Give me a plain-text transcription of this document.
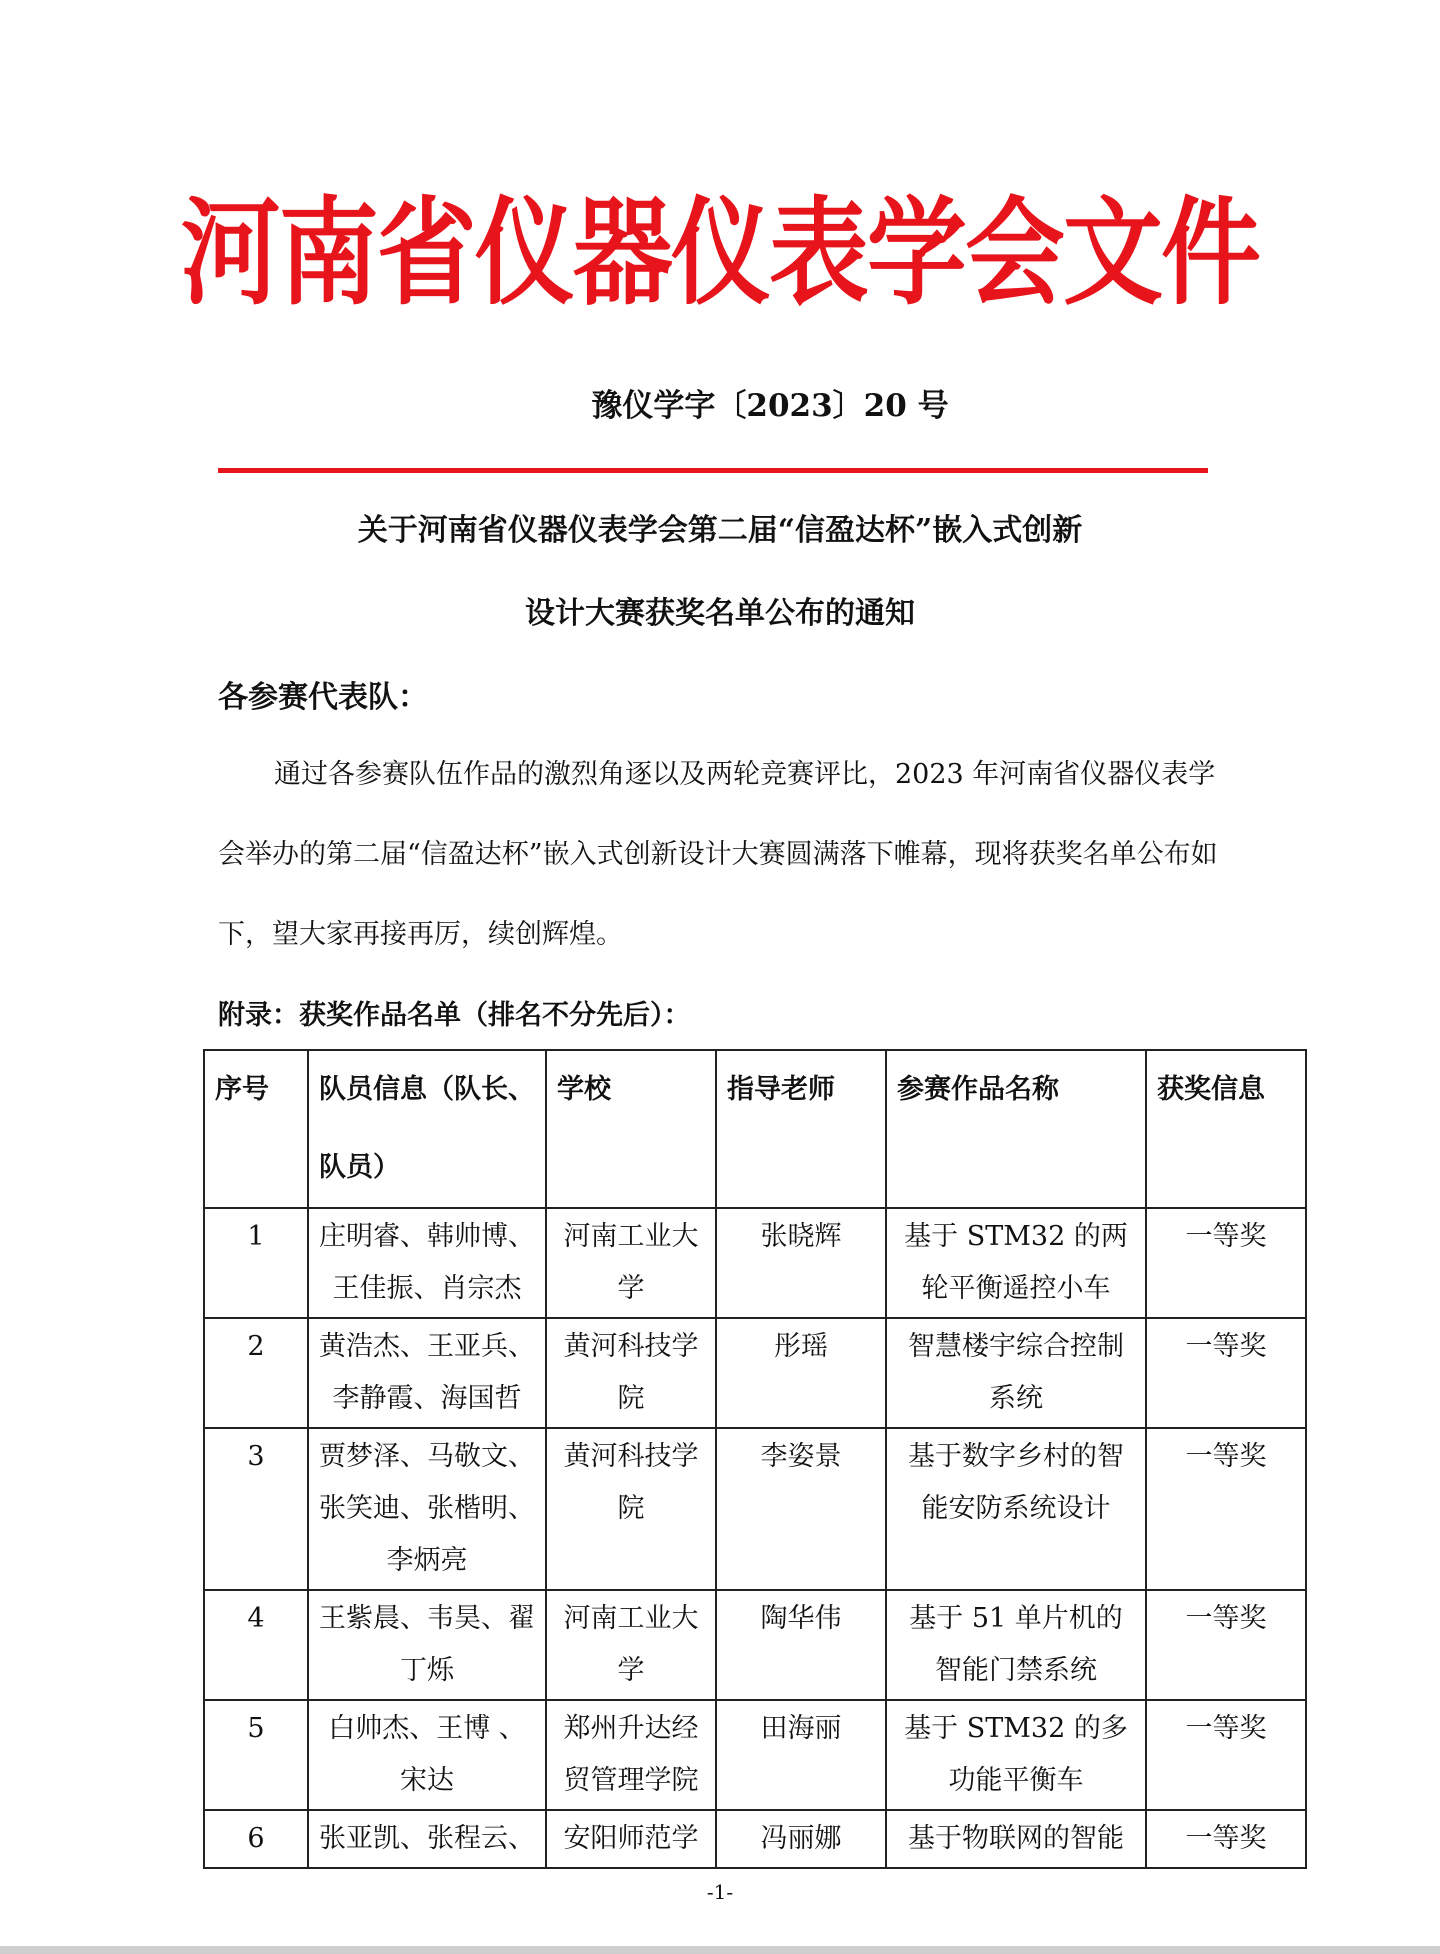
河南省仪器仪表学会文件
豫仪学字〔2023〕20 号
关于河南省仪器仪表学会第二届“信盈达杯”嵌入式创新
设计大赛获奖名单公布的通知
各参赛代表队：
通过各参赛队伍作品的激烈角逐以及两轮竞赛评比，2023 年河南省仪器仪表学会举办的第二届“信盈达杯”嵌入式创新设计大赛圆满落下帷幕，现将获奖名单公布如下，望大家再接再厉，续创辉煌。
附录：获奖作品名单（排名不分先后）：
序号	队员信息（队长、队员）	学校	指导老师	参赛作品名称	获奖信息
1	庄明睿、韩帅博、王佳振、肖宗杰	河南工业大学	张晓辉	基于 STM32 的两轮平衡遥控小车	一等奖
2	黄浩杰、王亚兵、李静霞、海国哲	黄河科技学院	彤瑶	智慧楼宇综合控制系统	一等奖
3	贾梦泽、马敬文、张笑迪、张楷明、李炳亮	黄河科技学院	李姿景	基于数字乡村的智能安防系统设计	一等奖
4	王紫晨、韦昊、翟丁烁	河南工业大学	陶华伟	基于 51 单片机的智能门禁系统	一等奖
5	白帅杰、王博 、宋达	郑州升达经贸管理学院	田海丽	基于 STM32 的多功能平衡车	一等奖
6	张亚凯、张程云、	安阳师范学	冯丽娜	基于物联网的智能	一等奖
-1-
